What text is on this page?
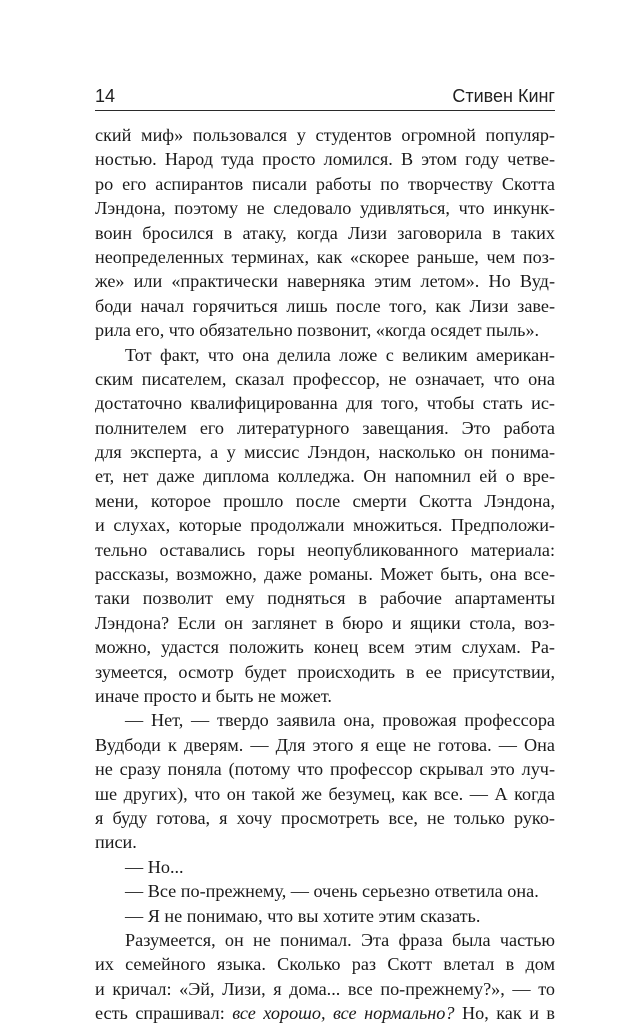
14	Стивен Кинг
ский миф» пользовался у студентов огромной популяр-
ностью. Народ туда просто ломился. В этом году четве-
ро его аспирантов писали работы по творчеству Скотта
Лэндона, поэтому не следовало удивляться, что инкунк-
воин бросился в атаку, когда Лизи заговорила в таких
неопределенных терминах, как «скорее раньше, чем поз-
же» или «практически наверняка этим летом». Но Вуд-
боди начал горячиться лишь после того, как Лизи заве-
рила его, что обязательно позвонит, «когда осядет пыль».
Тот факт, что она делила ложе с великим американ-
ским писателем, сказал профессор, не означает, что она
достаточно квалифицированна для того, чтобы стать ис-
полнителем его литературного завещания. Это работа
для эксперта, а у миссис Лэндон, насколько он понима-
ет, нет даже диплома колледжа. Он напомнил ей о вре-
мени, которое прошло после смерти Скотта Лэндона,
и слухах, которые продолжали множиться. Предположи-
тельно оставались горы неопубликованного материала:
рассказы, возможно, даже романы. Может быть, она все-
таки позволит ему подняться в рабочие апартаменты
Лэндона? Если он заглянет в бюро и ящики стола, воз-
можно, удастся положить конец всем этим слухам. Ра-
зумеется, осмотр будет происходить в ее присутствии,
иначе просто и быть не может.
— Нет, — твердо заявила она, провожая профессора
Вудбоди к дверям. — Для этого я еще не готова. — Она
не сразу поняла (потому что профессор скрывал это луч-
ше других), что он такой же безумец, как все. — А когда
я буду готова, я хочу просмотреть все, не только руко-
писи.
— Но...
— Все по-прежнему, — очень серьезно ответила она.
— Я не понимаю, что вы хотите этим сказать.
Разумеется, он не понимал. Эта фраза была частью
их семейного языка. Сколько раз Скотт влетал в дом
и кричал: «Эй, Лизи, я дома... все по-прежнему?», — то
есть спрашивал: все хорошо, все нормально? Но, как и в
